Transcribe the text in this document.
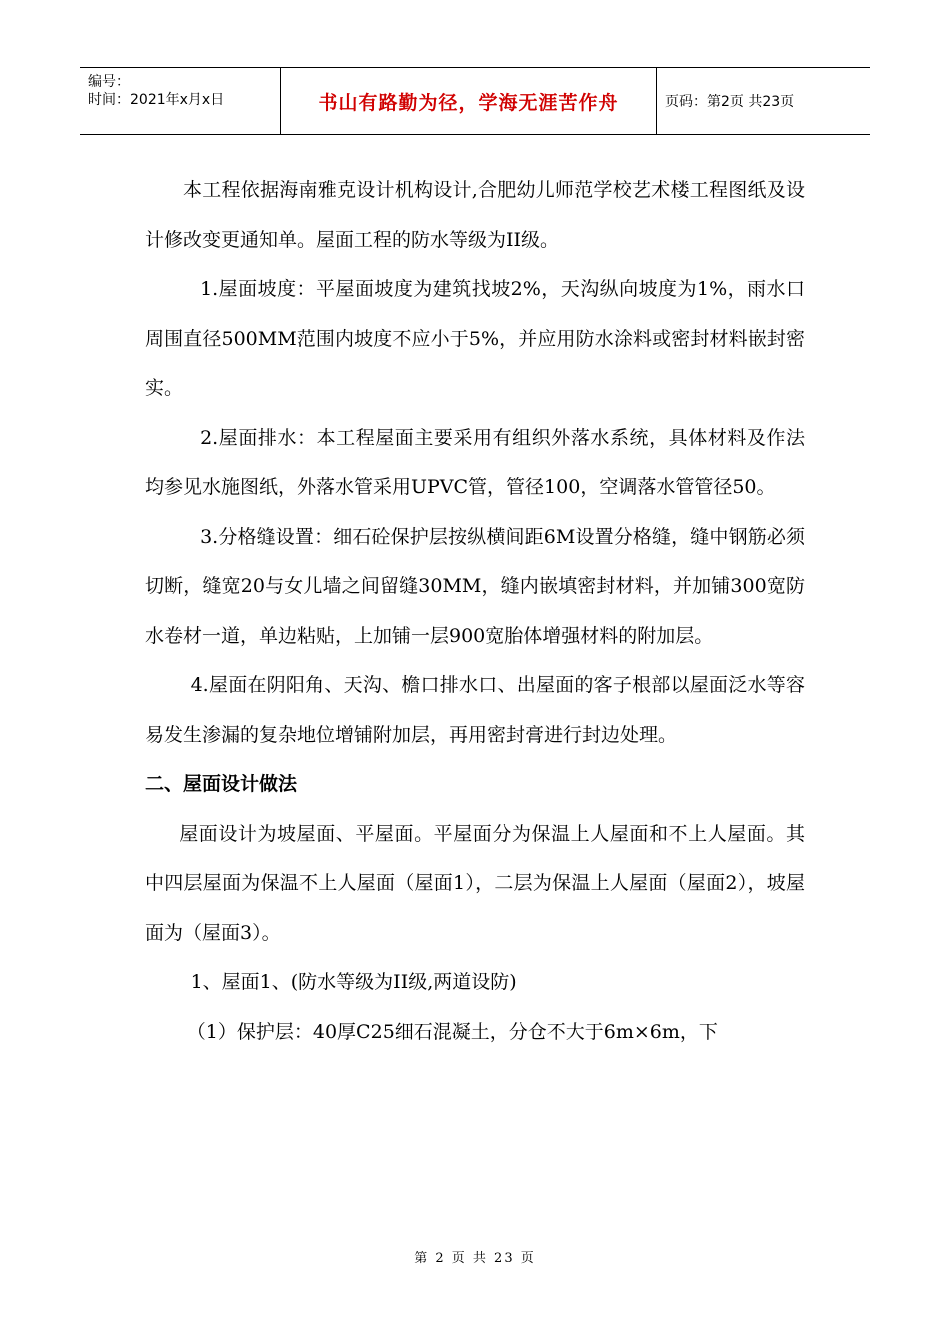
编号：
时间：2021年x月x日	书山有路勤为径，学海无涯苦作舟	页码：第2页 共23页

本工程依据海南雅克设计机构设计,合肥幼儿师范学校艺术楼工程图纸及设计修改变更通知单。屋面工程的防水等级为II级。

1.屋面坡度：平屋面坡度为建筑找坡2%，天沟纵向坡度为1%，雨水口周围直径500MM范围内坡度不应小于5%，并应用防水涂料或密封材料嵌封密实。

2.屋面排水：本工程屋面主要采用有组织外落水系统，具体材料及作法均参见水施图纸，外落水管采用UPVC管，管径100，空调落水管管径50。

3.分格缝设置：细石砼保护层按纵横间距6M设置分格缝，缝中钢筋必须切断，缝宽20与女儿墙之间留缝30MM，缝内嵌填密封材料，并加铺300宽防水卷材一道，单边粘贴，上加铺一层900宽胎体增强材料的附加层。

4.屋面在阴阳角、天沟、檐口排水口、出屋面的客子根部以屋面泛水等容易发生渗漏的复杂地位增铺附加层，再用密封膏进行封边处理。

二、屋面设计做法

屋面设计为坡屋面、平屋面。平屋面分为保温上人屋面和不上人屋面。其中四层屋面为保温不上人屋面（屋面1），二层为保温上人屋面（屋面2），坡屋面为（屋面3）。

1、屋面1、(防水等级为II级,两道设防)

（1）保护层：40厚C25细石混凝土，分仓不大于6m×6m，下

第 2 页 共 23 页
